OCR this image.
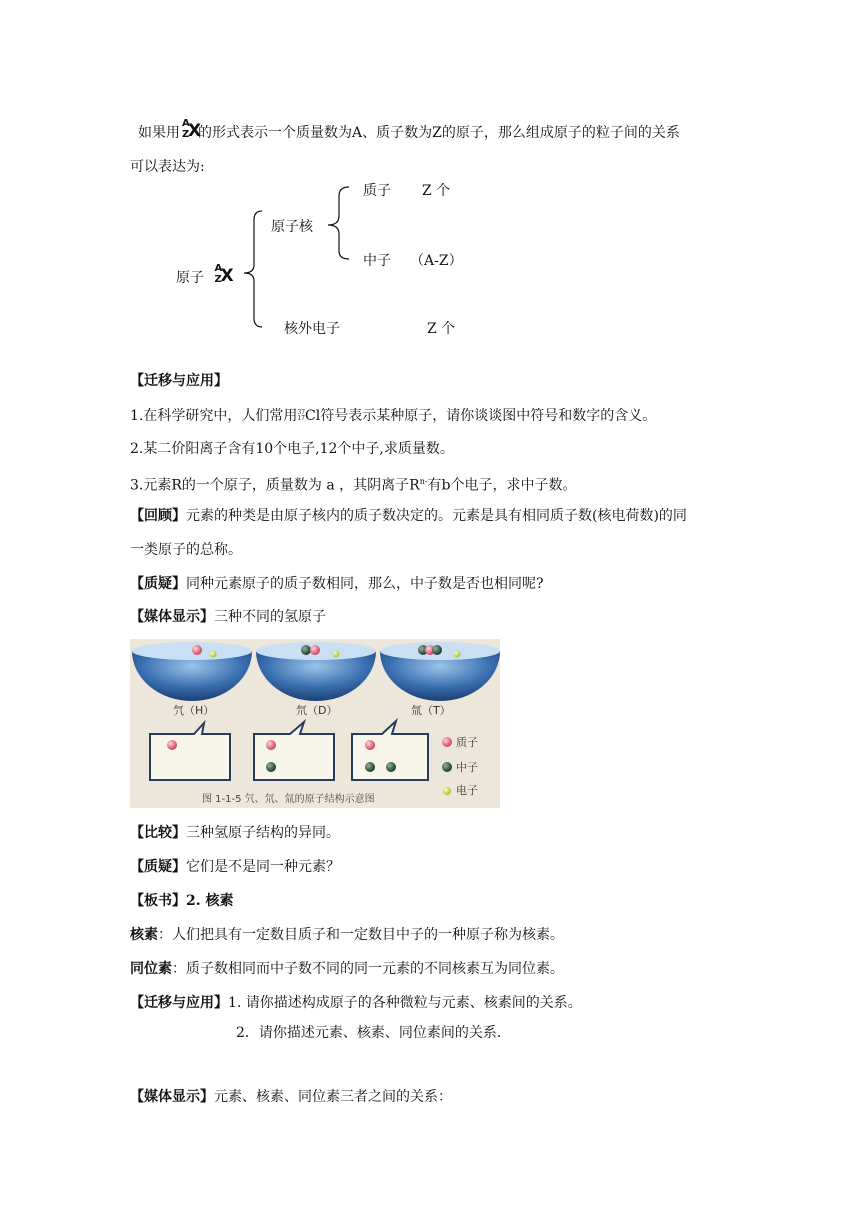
如果用
A
Z
X
的形式表示一个质量数为A、质子数为Z的原子，那么组成原子的粒子间的关系
可以表达为:
原子
A
Z
X
原子核
质子 Z 个
中子 （A-Z）
核外电子	Z 个
【迁移与应用】
1.在科学研究中，人们常用37
17Cl符号表示某种原子，请你谈谈图中符号和数字的含义。
2.某二价阳离子含有10个电子,12个中子,求质量数。
3.元素R的一个原子，质量数为 a ，其阴离子$R^{n-}$有b个电子，求中子数。
【回顾】元素的种类是由原子核内的质子数决定的。元素是具有相同质子数(核电荷数)的同
一类原子的总称。
【质疑】同种元素原子的质子数相同，那么，中子数是否也相同呢?
【媒体显示】三种不同的氢原子
氕（H）	氘（D）	氚（T）
质子
中子
电子
图 1-1-5 氕、氘、氚的原子结构示意图
【比较】三种氢原子结构的异同。
【质疑】它们是不是同一种元素？
【板书】2. 核素
核素：人们把具有一定数目质子和一定数目中子的一种原子称为核素。
同位素：质子数相同而中子数不同的同一元素的不同核素互为同位素。
【迁移与应用】1. 请你描述构成原子的各种微粒与元素、核素间的关系。
2．请你描述元素、核素、同位素间的关系.
【媒体显示】元素、核素、同位素三者之间的关系：
